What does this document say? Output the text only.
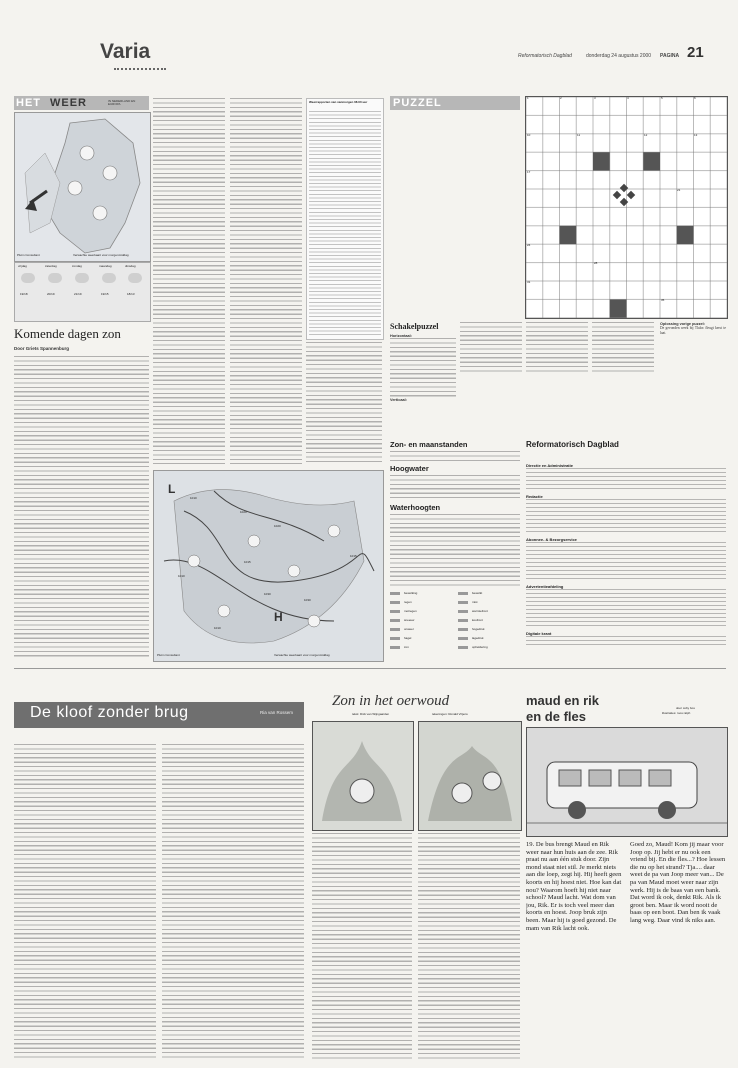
Varia	Reformatorisch Dagblad	donderdag 24 augustus 2000 PAGINA 21
HET WEER	IN NEDERLAND EN EUROPA
Pluim Consultant	Verwachte weerkaart voor morgenmiddag
vrijdag	zaterdag	zondag	maandag	dinsdag
19/18	20/19	21/19	19/15	18/13
Komende dagen zon
Door Griets Spannenburg
Weerrapporten van vanmorgen 08.00 uur
L
H
1010
1020
1020
1015
1010
1030
1030
1010
1015
Pluim Consultant	Verwachte weerkaart voor morgenmiddag
PUZZEL	1	2	3	4	5	6
10	11	12	13
17
21
24
28
31
35
Schakelpuzzel
Horizontaal:
Verticaal:
Oplossing vorige puzzel:
De gevonden week bij Tlaloc fleugt kerst te laat.
Zon- en maanstanden
Hoogwater
Waterhoogten
bewolking
regen
motregen
sneeuw
onweer
hagel
zon
bewolkt
mist
warmtefront
koufront
hogedruk
lagedruk
opheldering
Reformatorisch Dagblad
Directie en Administratie
Redactie
Abonnee- & Bezorgservice
Advertentieafdeling
Digitale krant
De kloof zonder brug	Ria van Rossem
Zon in het oerwoud
tekst: Dick van Wijngaarden	tekeningen: Ronald Vrijens
maud en rik
en de fles
door coby bos
illustraties: roos ralph
19. De bus brengt Maud en Rik weer naar hun huis aan de zee. Rik praat nu aan één stuk door. Zijn mond staat niet stil. Je merkt niets aan die loep, zegt hij. Hij heeft geen koorts en hij hoest niet. Hoe kan dat nou? Waarom hoeft hij niet naar school? Maud lacht. Wat dom van jou, Rik. Er is toch veel meer dan koorts en hoest. Joop bruk zijn been. Maar hij is goed gezond. De mam van Rik lacht ook.
Goed zo, Maud! Kom jij maar voor Joop op. Jij hebt er nu ook een vriend bij. En die fles...? Hoe lessen die nu op het strand? Tja.... daar weet de pa van Joop meer van... De pa van Maud moet weer naar zijn werk. Hij is de baas van een bank. Dat word ik ook, denkt Rik. Als ik groot ben. Maar ik word nooit de baas op een boot. Dan ben ik vaak lang weg. Daar vind ik niks aan.
